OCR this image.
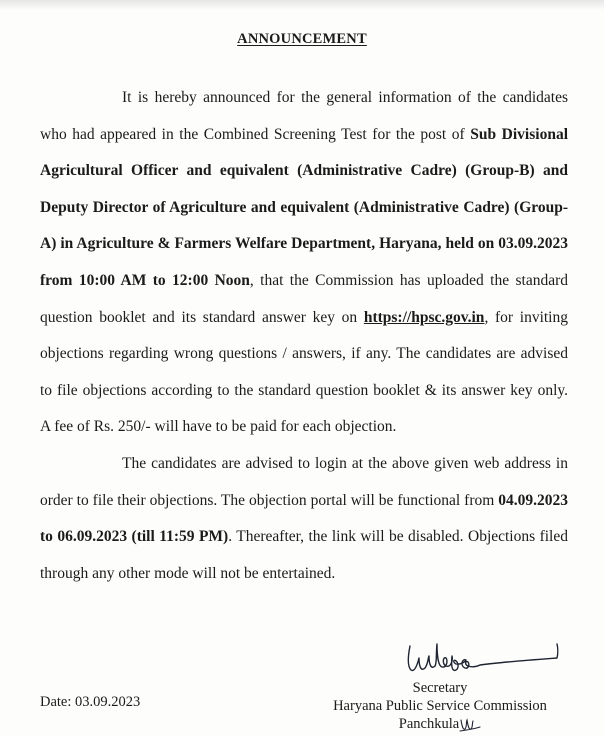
ANNOUNCEMENT

It is hereby announced for the general information of the candidates who had appeared in the Combined Screening Test for the post of Sub Divisional Agricultural Officer and equivalent (Administrative Cadre) (Group-B) and Deputy Director of Agriculture and equivalent (Administrative Cadre) (Group-A) in Agriculture & Farmers Welfare Department, Haryana, held on 03.09.2023 from 10:00 AM to 12:00 Noon, that the Commission has uploaded the standard question booklet and its standard answer key on https://hpsc.gov.in, for inviting objections regarding wrong questions / answers, if any. The candidates are advised to file objections according to the standard question booklet & its answer key only. A fee of Rs. 250/- will have to be paid for each objection.

The candidates are advised to login at the above given web address in order to file their objections. The objection portal will be functional from 04.09.2023 to 06.09.2023 (till 11:59 PM). Thereafter, the link will be disabled. Objections filed through any other mode will not be entertained.

Date: 03.09.2023
Secretary
Haryana Public Service Commission
Panchkula
